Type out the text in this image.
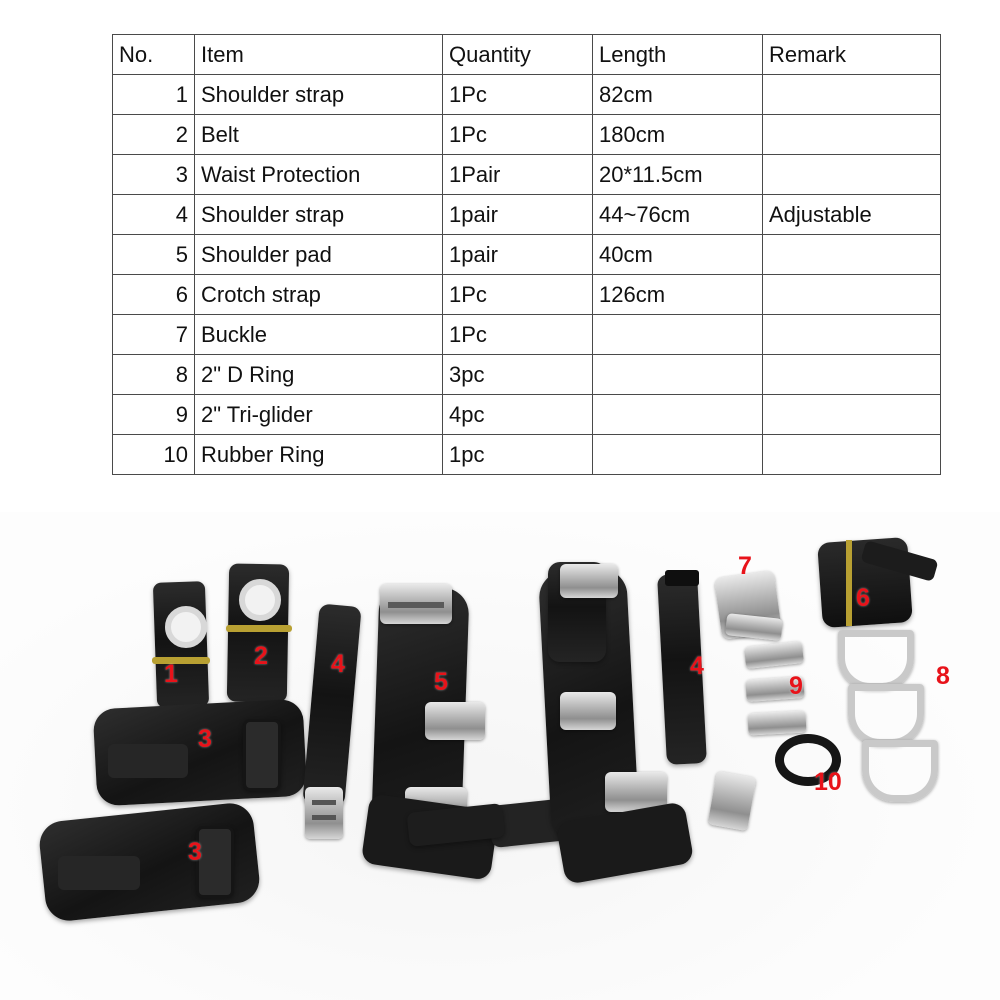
No.	Item	Quantity	Length	Remark
1	Shoulder strap	1Pc	82cm	
2	Belt	1Pc	180cm	
3	Waist Protection	1Pair	20*11.5cm	
4	Shoulder strap	1pair	44~76cm	Adjustable
5	Shoulder pad	1pair	40cm	
6	Crotch strap	1Pc	126cm	
7	Buckle	1Pc		
8	2" D Ring	3pc		
9	2" Tri-glider	4pc		
10	Rubber Ring	1pc		
1
2
3
3
4	4
5
6
7
8
9
10
